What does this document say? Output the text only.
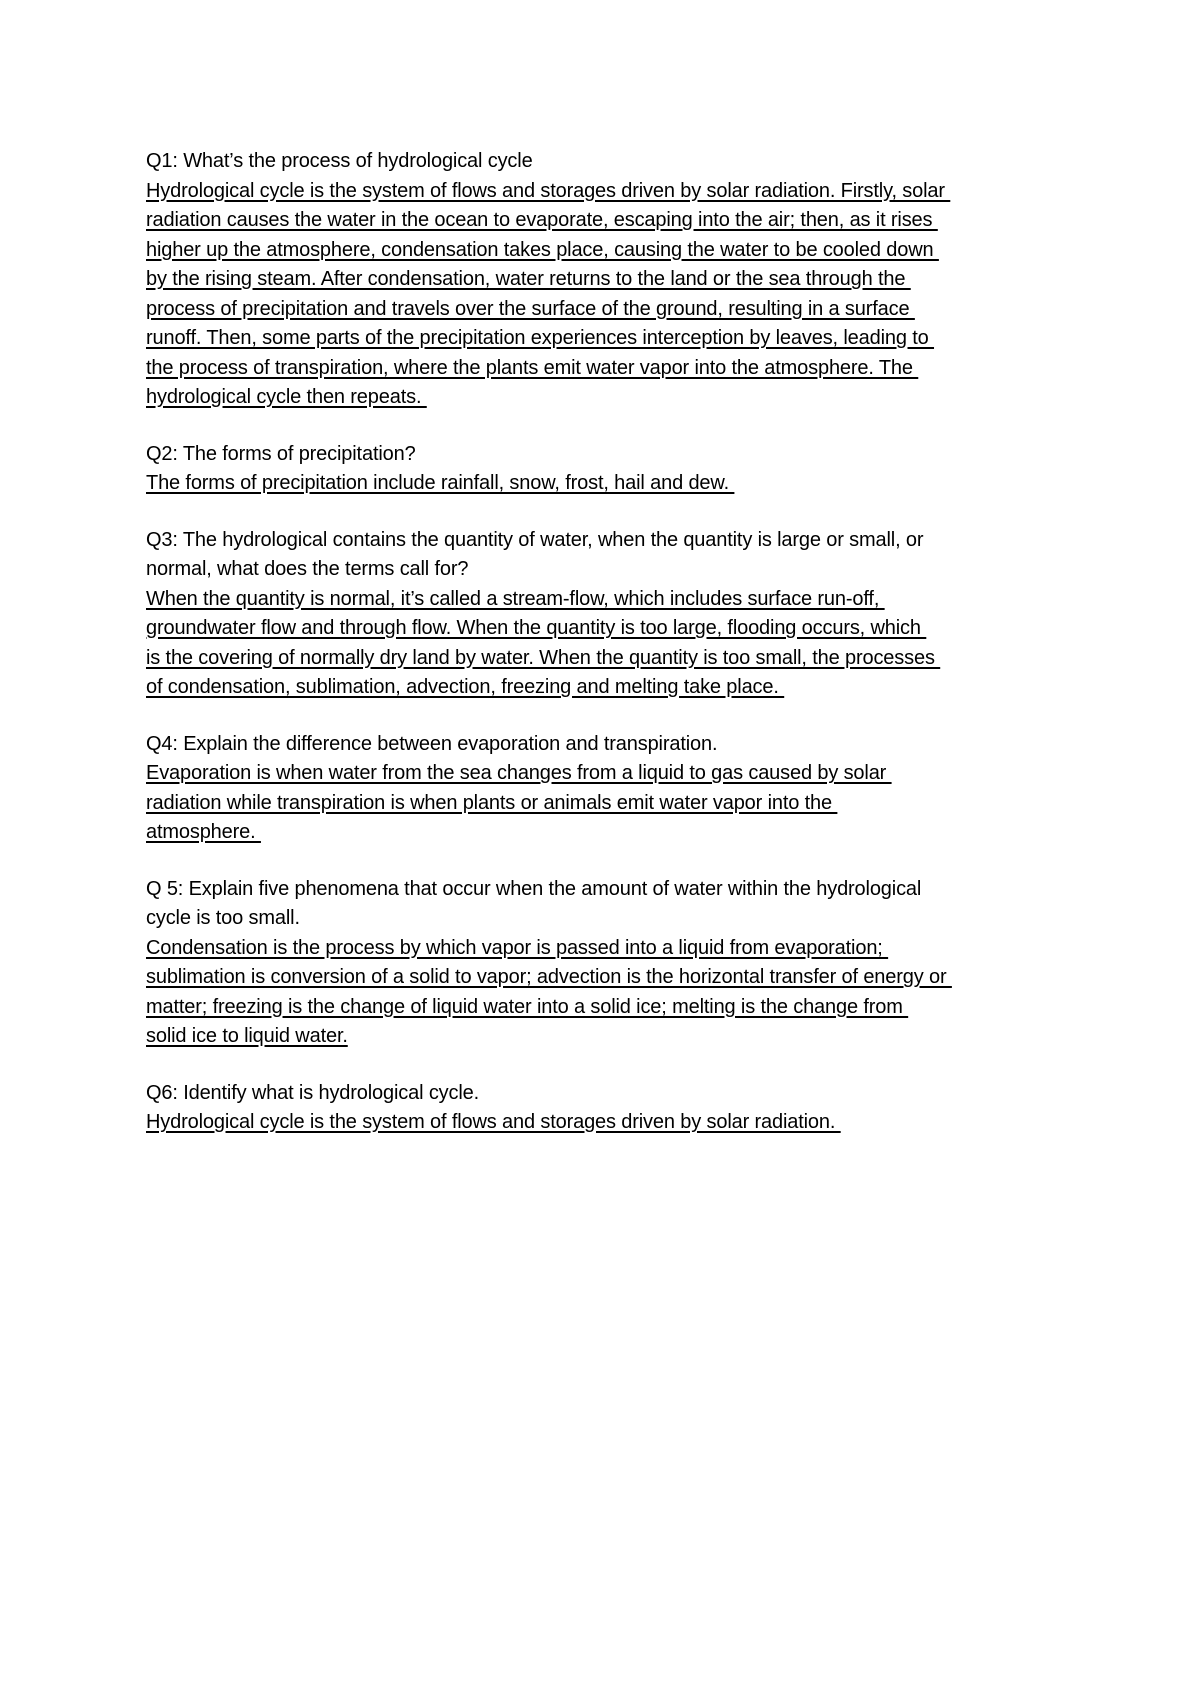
Q1: What’s the process of hydrological cycle
Hydrological cycle is the system of flows and storages driven by solar radiation. Firstly, solar
radiation causes the water in the ocean to evaporate, escaping into the air; then, as it rises
higher up the atmosphere, condensation takes place, causing the water to be cooled down
by the rising steam. After condensation, water returns to the land or the sea through the
process of precipitation and travels over the surface of the ground, resulting in a surface
runoff. Then, some parts of the precipitation experiences interception by leaves, leading to
the process of transpiration, where the plants emit water vapor into the atmosphere. The
hydrological cycle then repeats.
Q2: The forms of precipitation?
The forms of precipitation include rainfall, snow, frost, hail and dew.
Q3: The hydrological contains the quantity of water, when the quantity is large or small, or
normal, what does the terms call for?
When the quantity is normal, it’s called a stream-flow, which includes surface run-off,
groundwater flow and through flow. When the quantity is too large, flooding occurs, which
is the covering of normally dry land by water. When the quantity is too small, the processes
of condensation, sublimation, advection, freezing and melting take place.
Q4: Explain the difference between evaporation and transpiration.
Evaporation is when water from the sea changes from a liquid to gas caused by solar
radiation while transpiration is when plants or animals emit water vapor into the
atmosphere.
Q 5: Explain five phenomena that occur when the amount of water within the hydrological
cycle is too small.
Condensation is the process by which vapor is passed into a liquid from evaporation;
sublimation is conversion of a solid to vapor; advection is the horizontal transfer of energy or
matter; freezing is the change of liquid water into a solid ice; melting is the change from
solid ice to liquid water.
Q6: Identify what is hydrological cycle.
Hydrological cycle is the system of flows and storages driven by solar radiation.
